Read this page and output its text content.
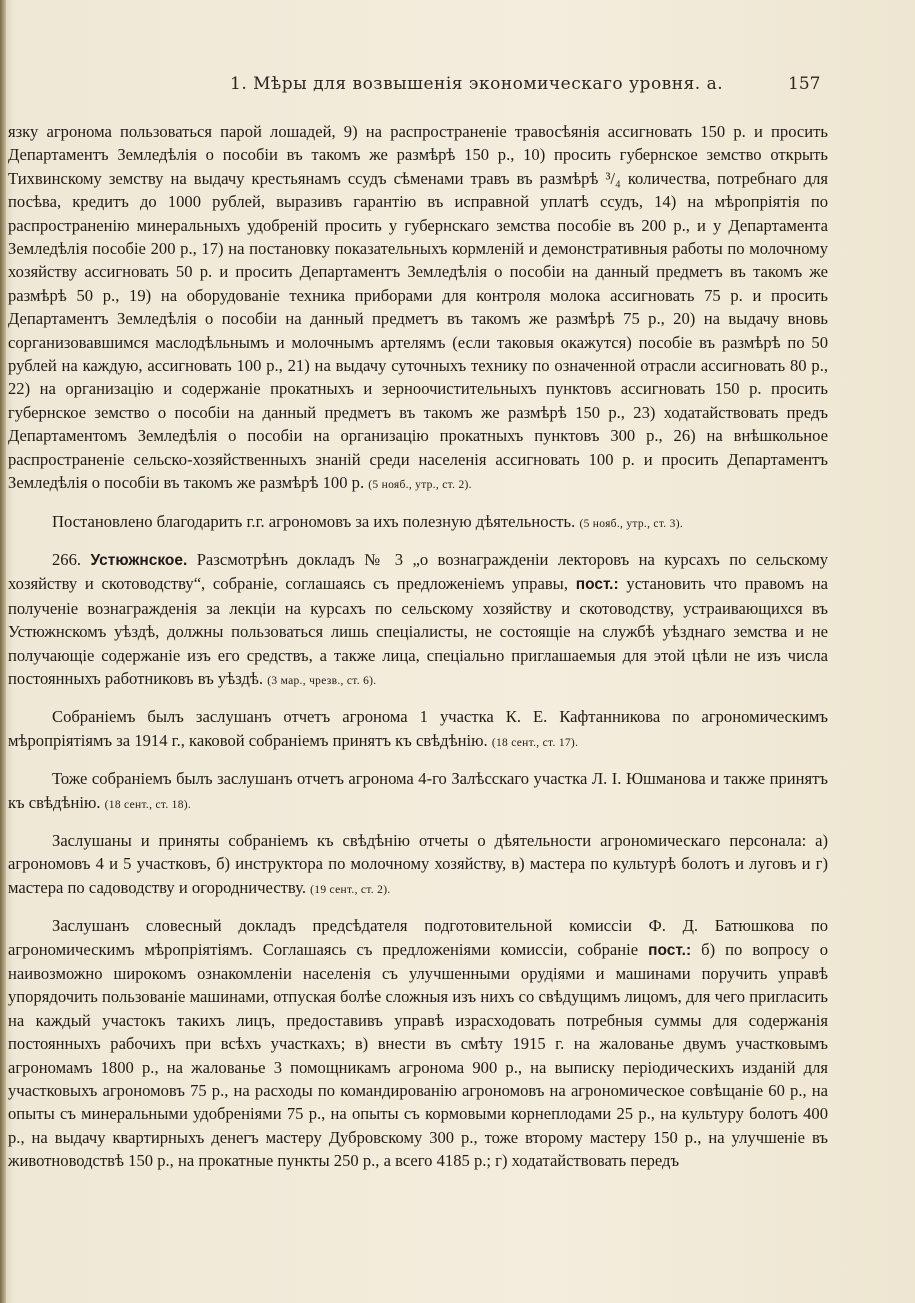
1. Мѣры для возвышенія экономическаго уровня. а.	157

язку агронома пользоваться парой лошадей, 9) на распространеніе травосѣянія ассигновать 150 р. и просить Департаментъ Земледѣлія о пособіи въ такомъ же размѣрѣ 150 р., 10) просить губернское земство открыть Тихвинскому земству на выдачу крестьянамъ ссудъ сѣменами травъ въ размѣрѣ ³/₄ количества, потребнаго для посѣва, кредитъ до 1000 рублей, выразивъ гарантію въ исправной уплатѣ ссудъ, 14) на мѣропріятія по распространенію минеральныхъ удобреній просить у губернскаго земства пособіе въ 200 р., и у Департамента Земледѣлія пособіе 200 р., 17) на постановку показательныхъ кормленій и демонстративныя работы по молочному хозяйству ассигновать 50 р. и просить Департаментъ Земледѣлія о пособіи на данный предметъ въ такомъ же размѣрѣ 50 р., 19) на оборудованіе техника приборами для контроля молока ассигновать 75 р. и просить Департаментъ Земледѣлія о пособіи на данный предметъ въ такомъ же размѣрѣ 75 р., 20) на выдачу вновь сорганизовавшимся маслодѣльнымъ и молочнымъ артелямъ (если таковыя окажутся) пособіе въ размѣрѣ по 50 рублей на каждую, ассигновать 100 р., 21) на выдачу суточныхъ технику по означенной отрасли ассигновать 80 р., 22) на организацію и содержаніе прокатныхъ и зерноочистительныхъ пунктовъ ассигновать 150 р. просить губернское земство о пособіи на данный предметъ въ такомъ же размѣрѣ 150 р., 23) ходатайствовать предъ Департаментомъ Земледѣлія о пособіи на организацію прокатныхъ пунктовъ 300 р., 26) на внѣшкольное распространеніе сельско-хозяйственныхъ знаній среди населенія ассигновать 100 р. и просить Департаментъ Земледѣлія о пособіи въ такомъ же размѣрѣ 100 р. (5 нояб., утр., ст. 2).

Постановлено благодарить г.г. агрономовъ за ихъ полезную дѣятельность. (5 нояб., утр., ст. 3).

266. Устюжнское. Разсмотрѣнъ докладъ № 3 „о вознагражденіи лекторовъ на курсахъ по сельскому хозяйству и скотоводству“, собраніе, соглашаясь съ предложеніемъ управы, пост.: установить что правомъ на полученіе вознагражденія за лекціи на курсахъ по сельскому хозяйству и скотоводству, устраивающихся въ Устюжнскомъ уѣздѣ, должны пользоваться лишь спеціалисты, не состоящіе на службѣ уѣзднаго земства и не получающіе содержаніе изъ его средствъ, а также лица, спеціально приглашаемыя для этой цѣли не изъ числа постоянныхъ работниковъ въ уѣздѣ. (3 мар., чрезв., ст. 6).

Собраніемъ былъ заслушанъ отчетъ агронома 1 участка К. Е. Кафтанникова по агрономическимъ мѣропріятіямъ за 1914 г., каковой собраніемъ принятъ къ свѣдѣнію. (18 сент., ст. 17).

Тоже собраніемъ былъ заслушанъ отчетъ агронома 4-го Залѣсскаго участка Л. І. Юшманова и также принятъ къ свѣдѣнію. (18 сент., ст. 18).

Заслушаны и приняты собраніемъ къ свѣдѣнію отчеты о дѣятельности агрономическаго персонала: а) агрономовъ 4 и 5 участковъ, б) инструктора по молочному хозяйству, в) мастера по культурѣ болотъ и луговъ и г) мастера по садоводству и огородничеству. (19 сент., ст. 2).

Заслушанъ словесный докладъ предсѣдателя подготовительной комиссіи Ф. Д. Батюшкова по агрономическимъ мѣропріятіямъ. Соглашаясь съ предложеніями комиссіи, собраніе пост.: б) по вопросу о наивозможно широкомъ ознакомленіи населенія съ улучшенными орудіями и машинами поручить управѣ упорядочить пользованіе машинами, отпуская болѣе сложныя изъ нихъ со свѣдущимъ лицомъ, для чего пригласить на каждый участокъ такихъ лицъ, предоставивъ управѣ израсходовать потребныя суммы для содержанія постоянныхъ рабочихъ при всѣхъ участкахъ; в) внести въ смѣту 1915 г. на жалованье двумъ участковымъ агрономамъ 1800 р., на жалованье 3 помощникамъ агронома 900 р., на выписку періодическихъ изданій для участковыхъ агрономовъ 75 р., на расходы по командированію агрономовъ на агрономическое совѣщаніе 60 р., на опыты съ минеральными удобреніями 75 р., на опыты съ кормовыми корнеплодами 25 р., на культуру болотъ 400 р., на выдачу квартирныхъ денегъ мастеру Дубровскому 300 р., тоже второму мастеру 150 р., на улучшеніе въ животноводствѣ 150 р., на прокатные пункты 250 р., а всего 4185 р.; г) ходатайствовать передъ
